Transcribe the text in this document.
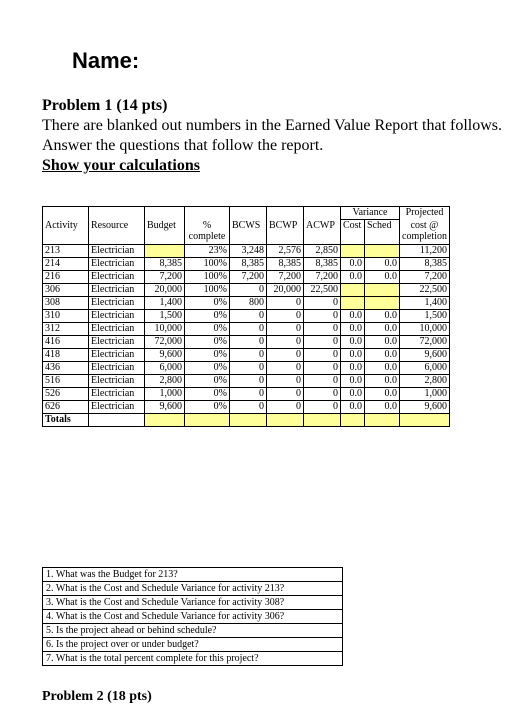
Name:

Problem 1 (14 pts)

There are blanked out numbers in the Earned Value Report that follows. Answer the questions that follow the report.

Show your calculations

							Variance		Projected
Activity	Resource	Budget	% complete	BCWS	BCWP	ACWP	Cost	Sched	cost @ completion
213	Electrician		23%	3,248	2,576	2,850			11,200
214	Electrician	8,385	100%	8,385	8,385	8,385	0.0	0.0	8,385
216	Electrician	7,200	100%	7,200	7,200	7,200	0.0	0.0	7,200
306	Electrician	20,000	100%	0	20,000	22,500			22,500
308	Electrician	1,400	0%	800	0	0			1,400
310	Electrician	1,500	0%	0	0	0	0.0	0.0	1,500
312	Electrician	10,000	0%	0	0	0	0.0	0.0	10,000
416	Electrician	72,000	0%	0	0	0	0.0	0.0	72,000
418	Electrician	9,600	0%	0	0	0	0.0	0.0	9,600
436	Electrician	6,000	0%	0	0	0	0.0	0.0	6,000
516	Electrician	2,800	0%	0	0	0	0.0	0.0	2,800
526	Electrician	1,000	0%	0	0	0	0.0	0.0	1,000
626	Electrician	9,600	0%	0	0	0	0.0	0.0	9,600
Totals									
1. What was the Budget for 213?
2. What is the Cost and Schedule Variance for activity 213?
3. What is the Cost and Schedule Variance for activity 308?
4. What is the Cost and Schedule Variance for activity 306?
5. Is the project ahead or behind schedule?
6. Is the project over or under budget?
7. What is the total percent complete for this project?
Problem 2 (18 pts)
